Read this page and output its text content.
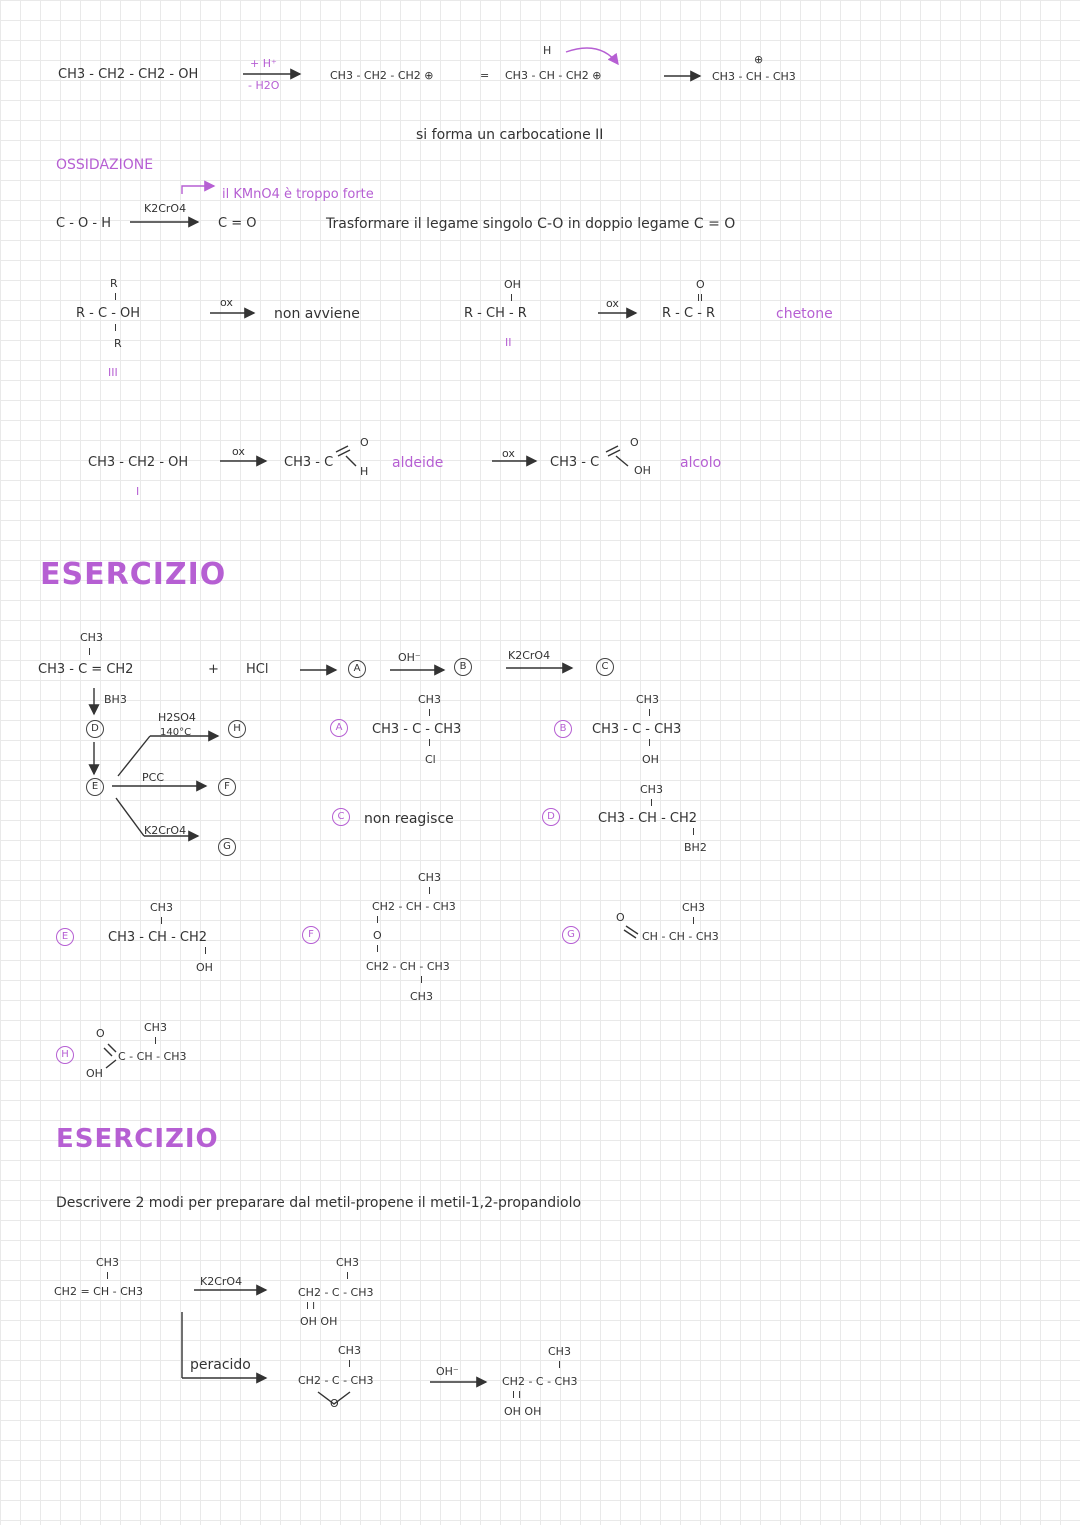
CH3 - CH2 - CH2 - OH
+ H⁺
- H2O
CH3 - CH2 - CH2 ⊕	=
H
CH3 - CH - CH2 ⊕
⊕
CH3 - CH - CH3
si forma un carbocatione II
OSSIDAZIONE
il KMnO4 è troppo forte
C - O - H
K2CrO4
C = O	Trasformare il legame singolo C-O in doppio legame C = O
R
I
R - C - OH
I
R
III
ox
non avviene
OH
I
R - CH - R
II
ox
O
II
R - C - R	chetone
CH3 - CH2 - OH
I
ox
CH3 - C
O
H
aldeide
ox
CH3 - C
O
OH alcolo
ESERCIZIO
CH3
I
CH3 - C = CH2	+ HCl	A
OH⁻
B
K2CrO4
C
BH3
D
E
H2SO4
140°C	H
PCC
F
K2CrO4
G
A
CH3
I
CH3 - C - CH3
I
Cl
B
CH3
I
CH3 - C - CH3
I
OH
C	non reagisce	D
CH3
I
CH3 - CH - CH2
I
BH2
E
CH3
I
CH3 - CH - CH2
I
OH
F
CH3
I
CH2 - CH - CH3
I
O
I
CH2 - CH - CH3
I
CH3
G
O
CH3
I
CH - CH - CH3
H
O	CH3
I
C - CH - CH3
OH
ESERCIZIO
Descrivere 2 modi per preparare dal metil-propene il metil-1,2-propandiolo
CH3
I
CH2 = CH - CH3
K2CrO4
CH3
I
CH2 - C - CH3
I I
OH OH
peracido
CH3
I
CH2 - C - CH3
O
OH⁻
CH3
I
CH2 - C - CH3
I I
OH OH
